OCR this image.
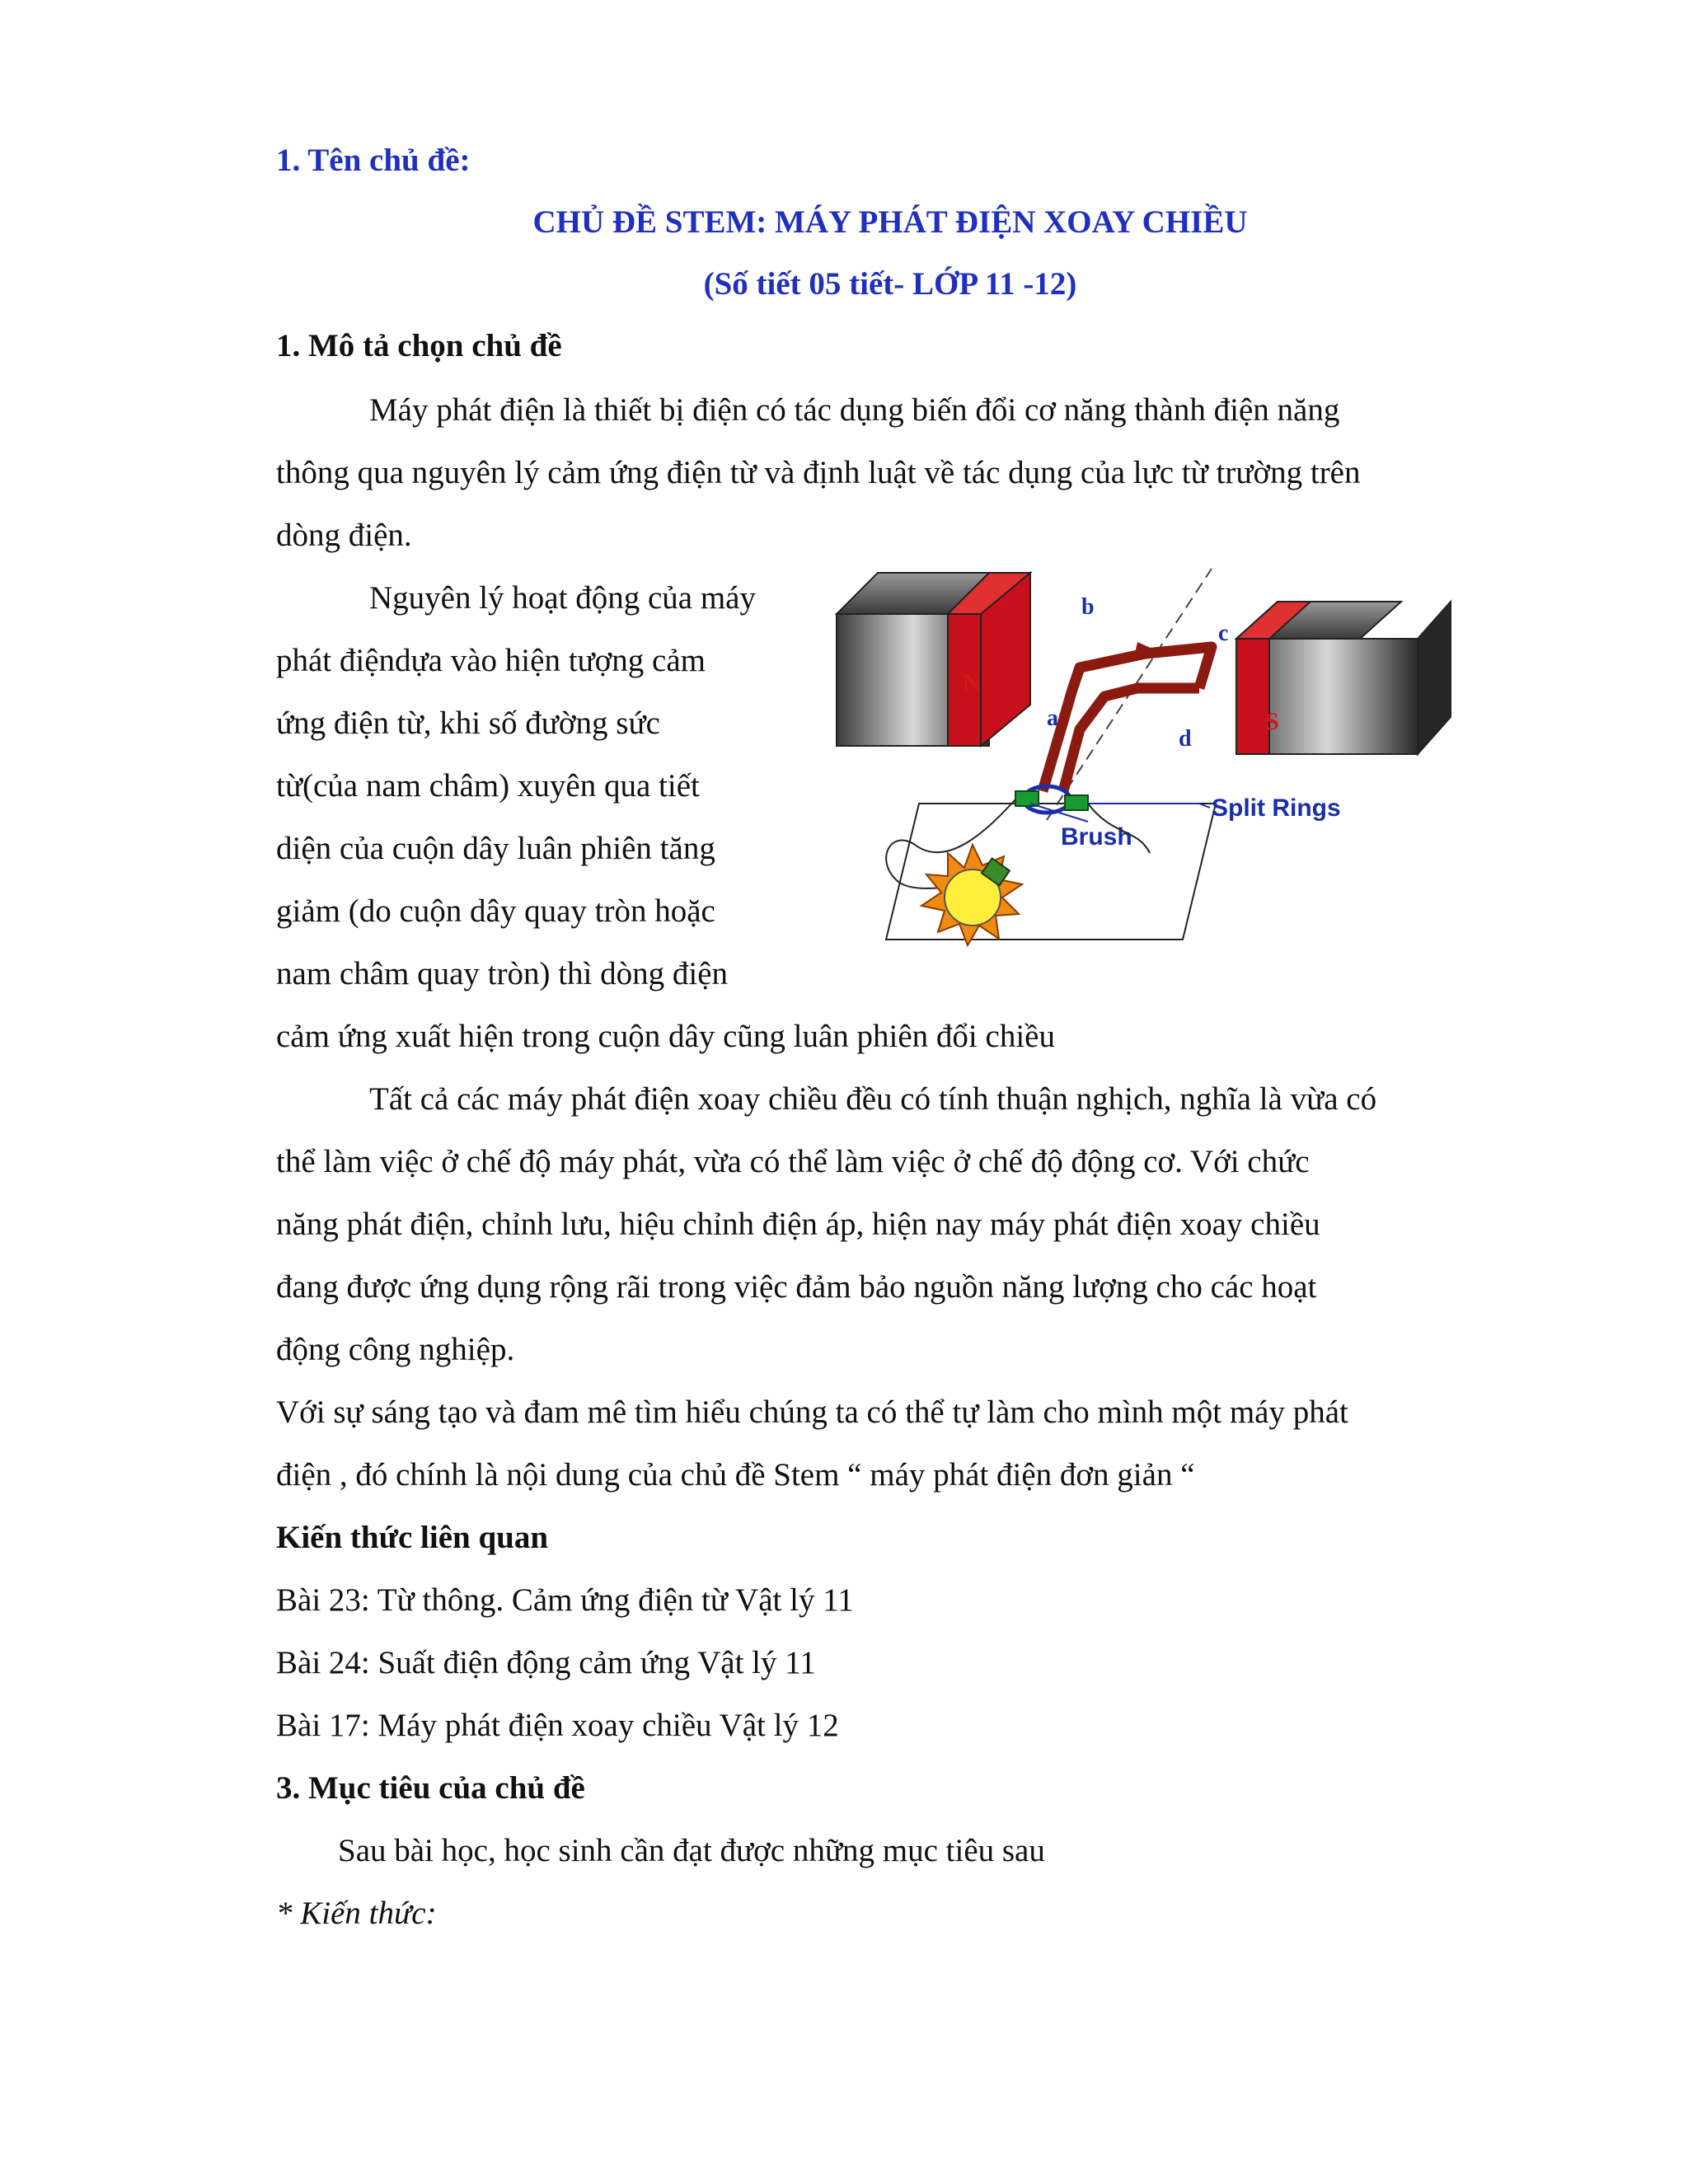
1. Tên chủ đề:
CHỦ ĐỀ STEM: MÁY PHÁT ĐIỆN XOAY CHIỀU
(Số tiết 05 tiết- LỚP 11 -12)
1. Mô tả chọn chủ đề
Máy phát điện là thiết bị điện có tác dụng biến đổi cơ năng thành điện năng
thông qua nguyên lý cảm ứng điện từ và định luật về tác dụng của lực từ trường trên
dòng điện.
Nguyên lý hoạt động của máy
phát điệndựa vào hiện tượng cảm
ứng điện từ, khi số đường sức
từ(của nam châm) xuyên qua tiết
diện của cuộn dây luân phiên tăng
giảm (do cuộn dây quay tròn hoặc
nam châm quay tròn) thì dòng điện
cảm ứng xuất hiện trong cuộn dây cũng luân phiên đổi chiều
N
S
b
c
a
d
Split Rings
Brush
Tất cả các máy phát điện xoay chiều đều có tính thuận nghịch, nghĩa là vừa có
thể làm việc ở chế độ máy phát, vừa có thể làm việc ở chế độ động cơ. Với chức
năng phát điện, chỉnh lưu, hiệu chỉnh điện áp, hiện nay máy phát điện xoay chiều
đang được ứng dụng rộng rãi trong việc đảm bảo nguồn năng lượng cho các hoạt
động công nghiệp.
Với sự sáng tạo và đam mê tìm hiểu chúng ta có thể tự làm cho mình một máy phát
điện , đó chính là nội dung của chủ đề Stem “ máy phát điện đơn giản “
Kiến thức liên quan
Bài 23: Từ thông. Cảm ứng điện từ Vật lý 11
Bài 24: Suất điện động cảm ứng Vật lý 11
Bài 17: Máy phát điện xoay chiều Vật lý 12
3. Mục tiêu của chủ đề
Sau bài học, học sinh cần đạt được những mục tiêu sau
* Kiến thức:
